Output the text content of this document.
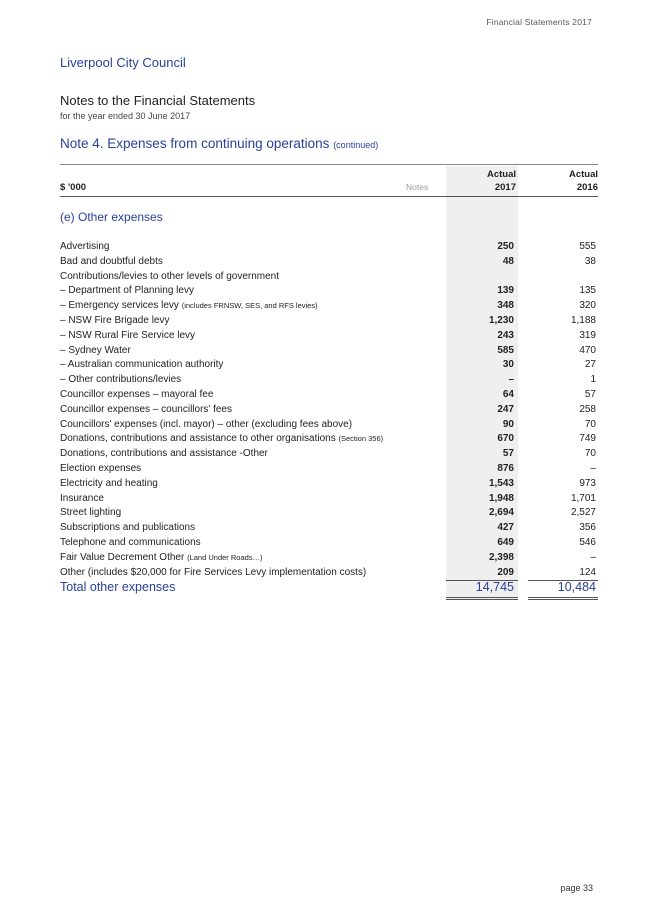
Financial Statements 2017
Liverpool City Council
Notes to the Financial Statements
for the year ended 30 June 2017
Note 4. Expenses from continuing operations (continued)
Actual	Actual
$ '000	Notes	2017	2016
(e) Other expenses
Advertising	250	555
Bad and doubtful debts	48	38
Contributions/levies to other levels of government
– Department of Planning levy	139	135
– Emergency services levy (includes FRNSW, SES, and RFS levies)	348	320
– NSW Fire Brigade levy	1,230	1,188
– NSW Rural Fire Service levy	243	319
– Sydney Water	585	470
– Australian communication authority	30	27
– Other contributions/levies	–	1
Councillor expenses – mayoral fee	64	57
Councillor expenses – councillors' fees	247	258
Councillors' expenses (incl. mayor) – other (excluding fees above)	90	70
Donations, contributions and assistance to other organisations (Section 356)	670	749
Donations, contributions and assistance -Other	57	70
Election expenses	876	–
Electricity and heating	1,543	973
Insurance	1,948	1,701
Street lighting	2,694	2,527
Subscriptions and publications	427	356
Telephone and communications	649	546
Fair Value Decrement Other (Land Under Roads…)	2,398	–
Other (includes $20,000 for Fire Services Levy implementation costs)	209	124
Total other expenses	14,745	10,484
page 33
